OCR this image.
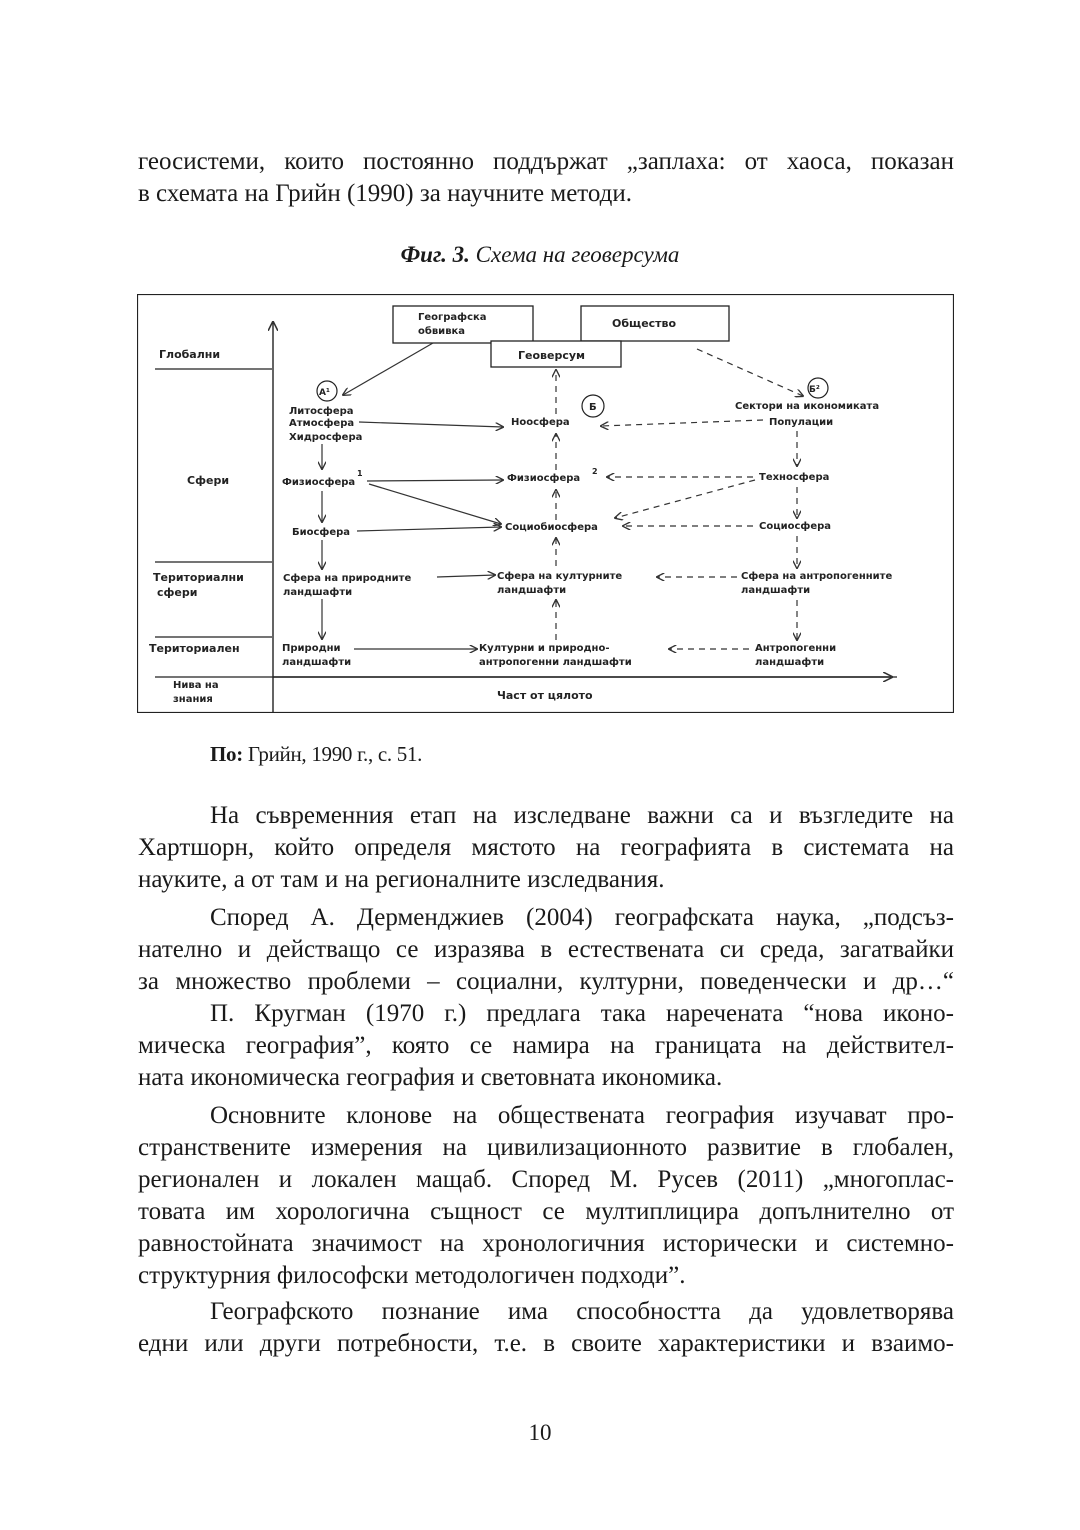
геосистеми, които постоянно поддържат „заплаха: от хаоса, показан
в схемата на Грийн (1990) за научните методи.
Фиг. 3. Схема на геоверсума
Глобални
Сфери
Териториални
сфери
Териториален
Нива на
знания
Географска
обвивка
Общество
Геоверсум
А¹
Б
Б²
Литосфера
Атмосфера
Хидросфера
Физиосфера
1
Биосфера
Сфера на природните
ландшафти
Природни
ландшафти
Ноосфера
Физиосфера
2
Социобиосфера
Сфера на културните
ландшафти
Културни и природно-
антропогенни ландшафти
Сектори на икономиката
Популации
Техносфера
Социосфера
Сфера на антропогенните
ландшафти
Антропогенни
ландшафти
Част от цялото
По: Грийн, 1990 г., с. 51.
На съвременния етап на изследване важни са и възгледите на
Хартшорн, който определя мястото на географията в системата на
науките, а от там и на регионалните изследвания.
Според А. Дерменджиев (2004) географската наука, „подсъз-
нателно и действащо се изразява в естествената си среда, загатвайки
за множество проблеми – социални, културни, поведенчески и др…“
П. Кругман (1970 г.) предлага така наречената “нова иконо-
мическа география”, която се намира на границата на действител-
ната икономическа география и световната икономика.
Основните клонове на обществената география изучават про-
странствените измерения на цивилизационното развитие в глобален,
регионален и локален мащаб. Според М. Русев (2011) „многоплас-
товата им хорологична същност се мултиплицира допълнително от
равностойната значимост на хронологичния исторически и системно-
структурния философски методологичен подходи”.
Географското познание има способността да удовлетворява
едни или други потребности, т.е. в своите характеристики и взаимо-
10
